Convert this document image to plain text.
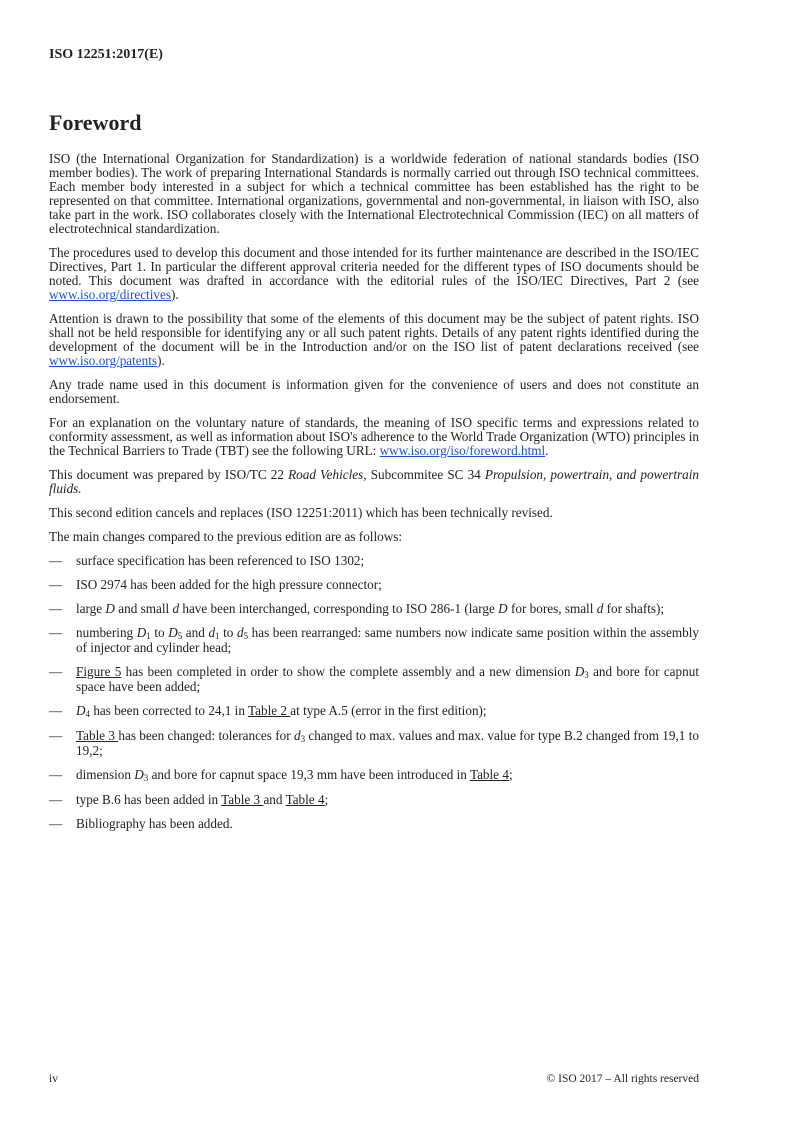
ISO 12251:2017(E)
Foreword

ISO (the International Organization for Standardization) is a worldwide federation of national standards bodies (ISO member bodies). The work of preparing International Standards is normally carried out through ISO technical committees. Each member body interested in a subject for which a technical committee has been established has the right to be represented on that committee. International organizations, governmental and non-governmental, in liaison with ISO, also take part in the work. ISO collaborates closely with the International Electrotechnical Commission (IEC) on all matters of electrotechnical standardization.

The procedures used to develop this document and those intended for its further maintenance are described in the ISO/IEC Directives, Part 1. In particular the different approval criteria needed for the different types of ISO documents should be noted. This document was drafted in accordance with the editorial rules of the ISO/IEC Directives, Part 2 (see www.iso.org/directives).

Attention is drawn to the possibility that some of the elements of this document may be the subject of patent rights. ISO shall not be held responsible for identifying any or all such patent rights. Details of any patent rights identified during the development of the document will be in the Introduction and/or on the ISO list of patent declarations received (see www.iso.org/patents).

Any trade name used in this document is information given for the convenience of users and does not constitute an endorsement.

For an explanation on the voluntary nature of standards, the meaning of ISO specific terms and expressions related to conformity assessment, as well as information about ISO's adherence to the World Trade Organization (WTO) principles in the Technical Barriers to Trade (TBT) see the following URL: www.iso.org/iso/foreword.html.

This document was prepared by ISO/TC 22 Road Vehicles, Subcommitee SC 34 Propulsion, powertrain, and powertrain fluids.

This second edition cancels and replaces (ISO 12251:2011) which has been technically revised.

The main changes compared to the previous edition are as follows:

—	surface specification has been referenced to ISO 1302;
—	ISO 2974 has been added for the high pressure connector;
—	large D and small d have been interchanged, corresponding to ISO 286-1 (large D for bores, small d for shafts);
—	numbering $D_1$ to $D_5$ and $d_1$ to $d_5$ has been rearranged: same numbers now indicate same position within the assembly of injector and cylinder head;
—	Figure 5 has been completed in order to show the complete assembly and a new dimension $D_3$ and bore for capnut space have been added;
—	$D_4$ has been corrected to 24,1 in Table 2 at type A.5 (error in the first edition);
—	Table 3 has been changed: tolerances for $d_3$ changed to max. values and max. value for type B.2 changed from 19,1 to 19,2;
—	dimension $D_3$ and bore for capnut space 19,3 mm have been introduced in Table 4;
—	type B.6 has been added in Table 3 and Table 4;
—	Bibliography has been added.
iv	© ISO 2017 – All rights reserved
